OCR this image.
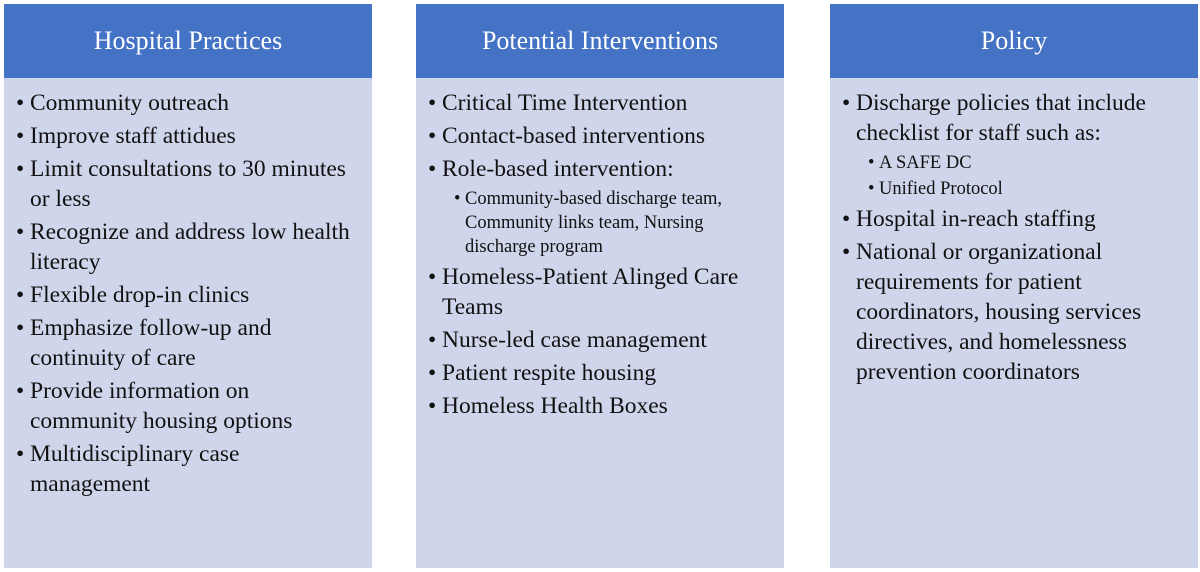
Hospital Practices
• Community outreach
• Improve staff attidues
• Limit consultations to 30 minutes or less
• Recognize and address low health literacy
• Flexible drop-in clinics
• Emphasize follow-up and continuity of care
• Provide information on community housing options
• Multidisciplinary case management
Potential Interventions
• Critical Time Intervention
• Contact-based interventions
• Role-based intervention:
• Community-based discharge team, Community links team, Nursing discharge program
• Homeless-Patient Alinged Care Teams
• Nurse-led case management
• Patient respite housing
• Homeless Health Boxes
Policy
• Discharge policies that include checklist for staff such as:
• A SAFE DC
• Unified Protocol
• Hospital in-reach staffing
• National or organizational requirements for patient coordinators, housing services directives, and homelessness prevention coordinators
